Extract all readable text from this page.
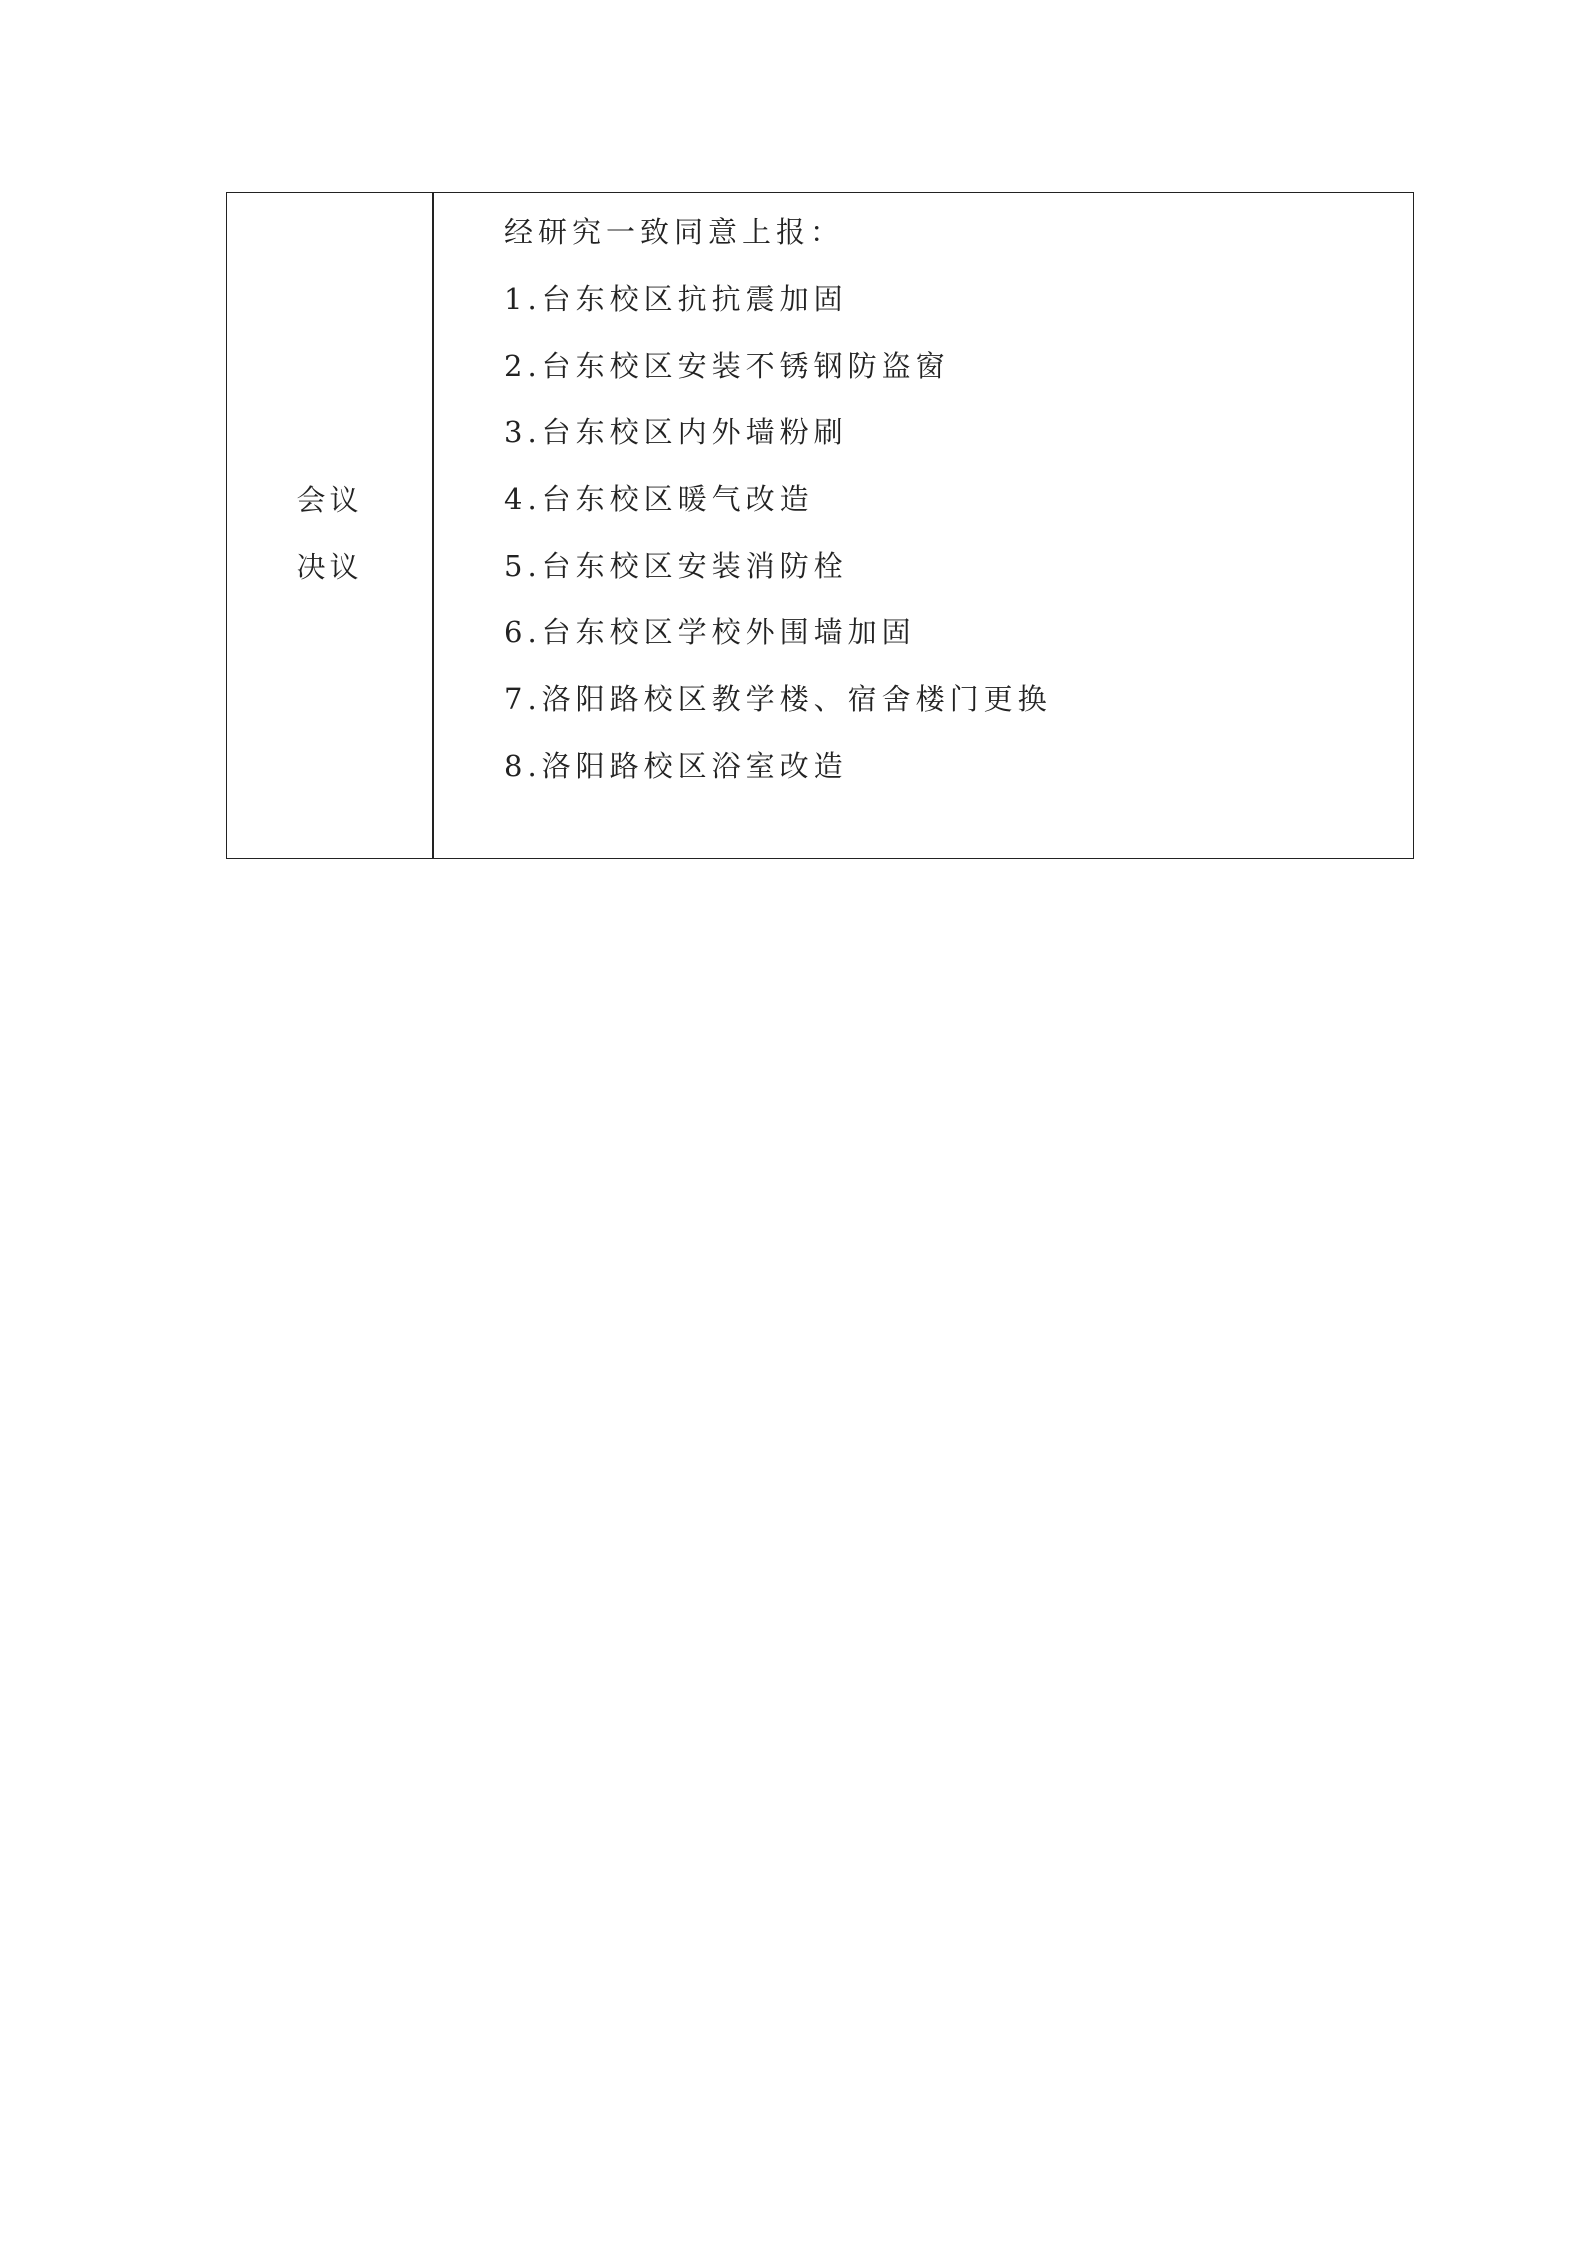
会议
决议
经研究一致同意上报：
1.台东校区抗抗震加固
2.台东校区安装不锈钢防盗窗
3.台东校区内外墙粉刷
4.台东校区暖气改造
5.台东校区安装消防栓
6.台东校区学校外围墙加固
7.洛阳路校区教学楼、宿舍楼门更换
8.洛阳路校区浴室改造
